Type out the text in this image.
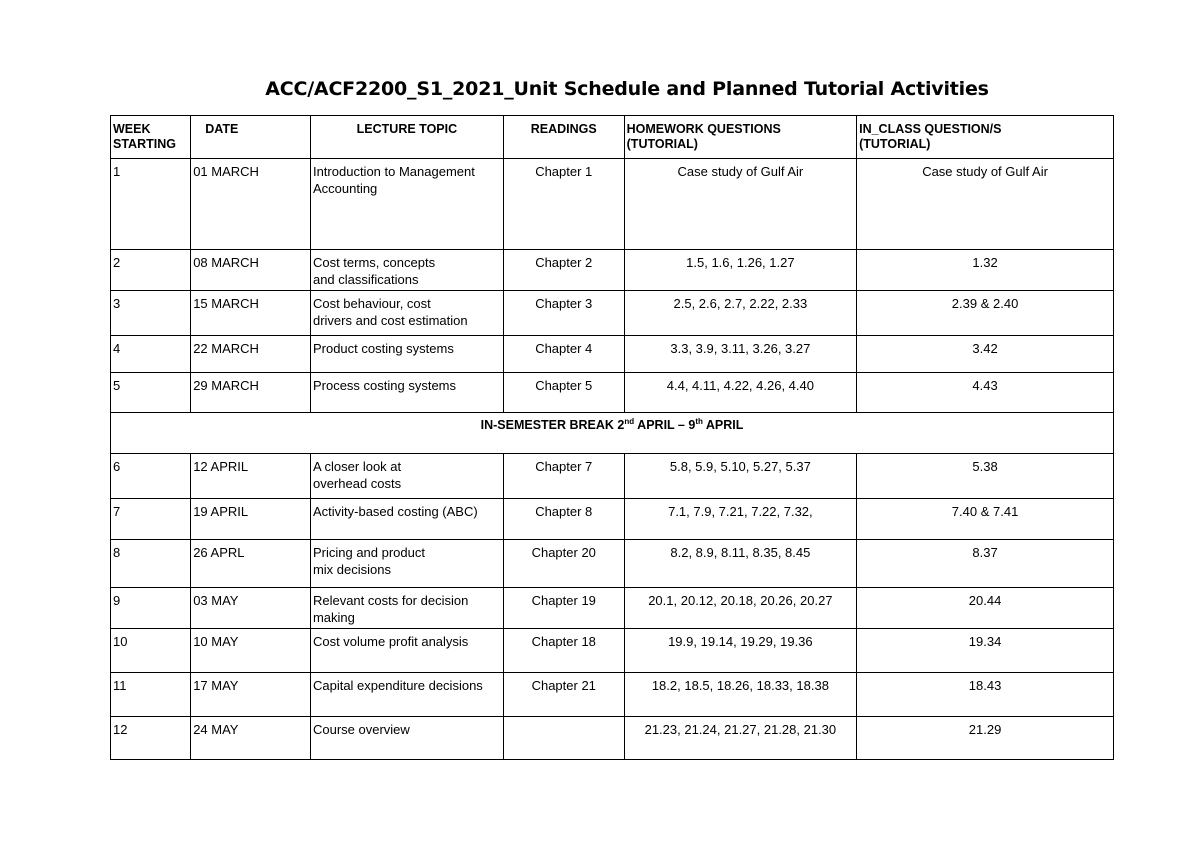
ACC/ACF2200_S1_2021_Unit Schedule and Planned Tutorial Activities
WEEK
STARTING	DATE	LECTURE TOPIC	READINGS	HOMEWORK QUESTIONS
(TUTORIAL)	IN_CLASS QUESTION/S
(TUTORIAL)
1	01 MARCH	Introduction to Management
Accounting	Chapter 1	Case study of Gulf Air	Case study of Gulf Air
2	08 MARCH	Cost terms, concepts
and classifications	Chapter 2	1.5, 1.6, 1.26, 1.27	1.32
3	15 MARCH	Cost behaviour, cost
drivers and cost estimation	Chapter 3	2.5, 2.6, 2.7, 2.22, 2.33	2.39 & 2.40
4	22 MARCH	Product costing systems	Chapter 4	3.3, 3.9, 3.11, 3.26, 3.27	3.42
5	29 MARCH	Process costing systems	Chapter 5	4.4, 4.11, 4.22, 4.26, 4.40	4.43
IN-SEMESTER BREAK 2nd APRIL – 9th APRIL					
6	12 APRIL	A closer look at
overhead costs	Chapter 7	5.8, 5.9, 5.10, 5.27, 5.37	5.38
7	19 APRIL	Activity-based costing (ABC)	Chapter 8	7.1, 7.9, 7.21, 7.22, 7.32,	7.40 & 7.41
8	26 APRL	Pricing and product
mix decisions	Chapter 20	8.2, 8.9, 8.11, 8.35, 8.45	8.37
9	03 MAY	Relevant costs for decision
making	Chapter 19	20.1, 20.12, 20.18, 20.26, 20.27	20.44
10	10 MAY	Cost volume profit analysis	Chapter 18	19.9, 19.14, 19.29, 19.36	19.34
11	17 MAY	Capital expenditure decisions	Chapter 21	18.2, 18.5, 18.26, 18.33, 18.38	18.43
12	24 MAY	Course overview		21.23, 21.24, 21.27, 21.28, 21.30	21.29
